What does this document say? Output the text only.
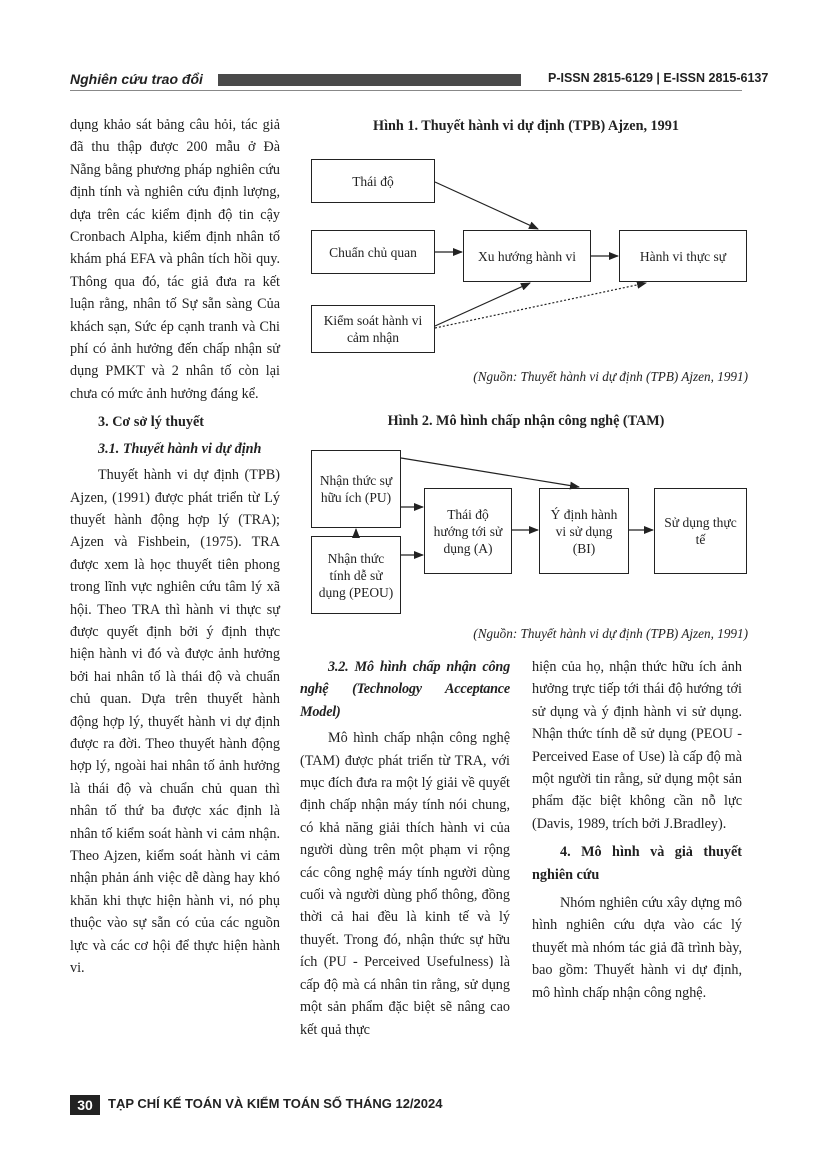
Nghiên cứu trao đổi	P-ISSN 2815-6129 | E-ISSN 2815-6137

dụng khảo sát bảng câu hỏi, tác giả đã thu thập được 200 mẫu ở Đà Nẵng bằng phương pháp nghiên cứu định tính và nghiên cứu định lượng, dựa trên các kiểm định độ tin cậy Cronbach Alpha, kiểm định nhân tố khám phá EFA và phân tích hồi quy. Thông qua đó, tác giả đưa ra kết luận rằng, nhân tố Sự sẵn sàng Của khách sạn, Sức ép cạnh tranh và Chi phí có ảnh hưởng đến chấp nhận sử dụng PMKT và 2 nhân tố còn lại chưa có mức ảnh hưởng đáng kể.

3. Cơ sở lý thuyết
3.1. Thuyết hành vi dự định

Thuyết hành vi dự định (TPB) Ajzen, (1991) được phát triển từ Lý thuyết hành động hợp lý (TRA); Ajzen và Fishbein, (1975). TRA được xem là học thuyết tiên phong trong lĩnh vực nghiên cứu tâm lý xã hội. Theo TRA thì hành vi thực sự được quyết định bởi ý định thực hiện hành vi đó và được ảnh hưởng bởi hai nhân tố là thái độ và chuẩn chủ quan. Dựa trên thuyết hành động hợp lý, thuyết hành vi dự định được ra đời. Theo thuyết hành động hợp lý, ngoài hai nhân tố ảnh hưởng là thái độ và chuẩn chủ quan thì nhân tố thứ ba được xác định là nhân tố kiểm soát hành vi cảm nhận. Theo Ajzen, kiểm soát hành vi cảm nhận phản ánh việc dễ dàng hay khó khăn khi thực hiện hành vi, nó phụ thuộc vào sự sẵn có của các nguồn lực và các cơ hội để thực hiện hành vi.

Hình 1. Thuyết hành vi dự định (TPB) Ajzen, 1991
Thái độ
Chuẩn chủ quan
Kiểm soát hành vi cảm nhận
Xu hướng hành vi	Hành vi thực sự
(Nguồn: Thuyết hành vi dự định (TPB) Ajzen, 1991)
Hình 2. Mô hình chấp nhận công nghệ (TAM)
Nhận thức sự hữu ích (PU)
Nhận thức tính dễ sử dụng (PEOU)
Thái độ hướng tới sử dụng (A)
Ý định hành vi sử dụng (BI)
Sử dụng thực tế
(Nguồn: Thuyết hành vi dự định (TPB) Ajzen, 1991)
3.2. Mô hình chấp nhận công nghệ (Technology Acceptance Model)

Mô hình chấp nhận công nghệ (TAM) được phát triển từ TRA, với mục đích đưa ra một lý giải về quyết định chấp nhận máy tính nói chung, có khả năng giải thích hành vi của người dùng trên một phạm vi rộng các công nghệ máy tính người dùng cuối và người dùng phổ thông, đồng thời cả hai đều là kinh tế và lý thuyết. Trong đó, nhận thức sự hữu ích (PU - Perceived Usefulness) là cấp độ mà cá nhân tin rằng, sử dụng một sản phẩm đặc biệt sẽ nâng cao kết quả thực

hiện của họ, nhận thức hữu ích ảnh hưởng trực tiếp tới thái độ hướng tới sử dụng và ý định hành vi sử dụng. Nhận thức tính dễ sử dụng (PEOU - Perceived Ease of Use) là cấp độ mà một người tin rằng, sử dụng một sản phẩm đặc biệt không cần nỗ lực (Davis, 1989, trích bởi J.Bradley).

4. Mô hình và giả thuyết nghiên cứu

Nhóm nghiên cứu xây dựng mô hình nghiên cứu dựa vào các lý thuyết mà nhóm tác giả đã trình bày, bao gồm: Thuyết hành vi dự định, mô hình chấp nhận công nghệ.

30	TẠP CHÍ KẾ TOÁN VÀ KIỂM TOÁN SỐ THÁNG 12/2024
